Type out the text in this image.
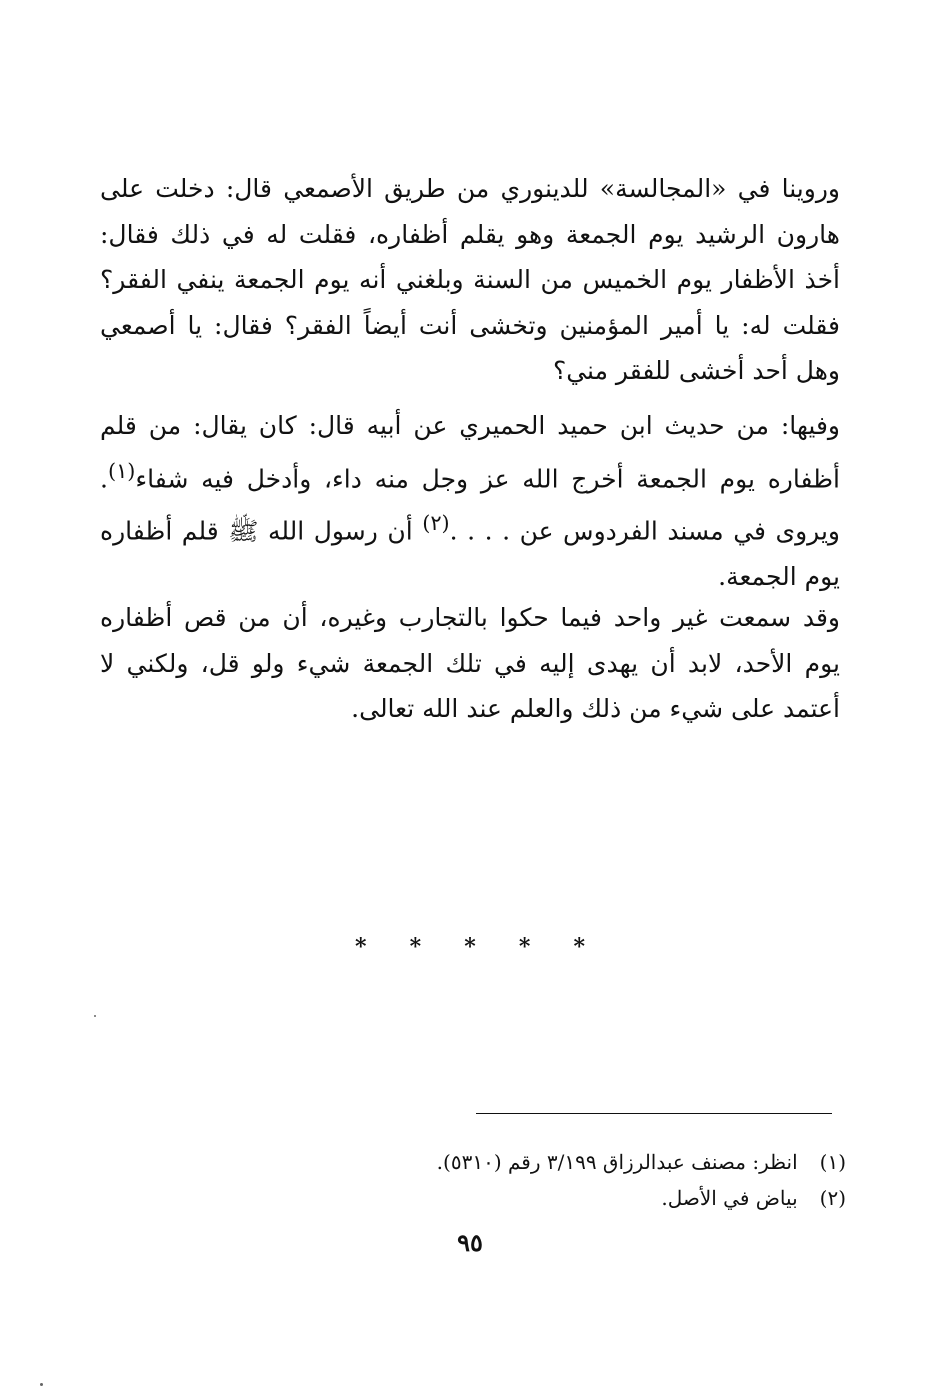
وروينا في «المجالسة» للدينوري من طريق الأصمعي قال: دخلت على هارون الرشيد يوم الجمعة وهو يقلم أظفاره، فقلت له في ذلك فقال: أخذ الأظفار يوم الخميس من السنة وبلغني أنه يوم الجمعة ينفي الفقر؟ فقلت له: يا أمير المؤمنين وتخشى أنت أيضاً الفقر؟ فقال: يا أصمعي وهل أحد أخشى للفقر مني؟

وفيها: من حديث ابن حميد الحميري عن أبيه قال: كان يقال: من قلم أظفاره يوم الجمعة أخرج الله عز وجل منه داء، وأدخل فيه شفاء$^{(١)}$. ويروى في مسند الفردوس عن . . . .$^{(٢)}$ أن رسول الله ﷺ قلم أظفاره يوم الجمعة.

وقد سمعت غير واحد فيما حكوا بالتجارب وغيره، أن من قص أظفاره يوم الأحد، لابد أن يهدى إليه في تلك الجمعة شيء ولو قل، ولكني لا أعتمد على شيء من ذلك والعلم عند الله تعالى.

* * * * *
(١) انظر: مصنف عبدالرزاق ٣/١٩٩ رقم (٥٣١٠).
(٢) بياض في الأصل.
٩٥
